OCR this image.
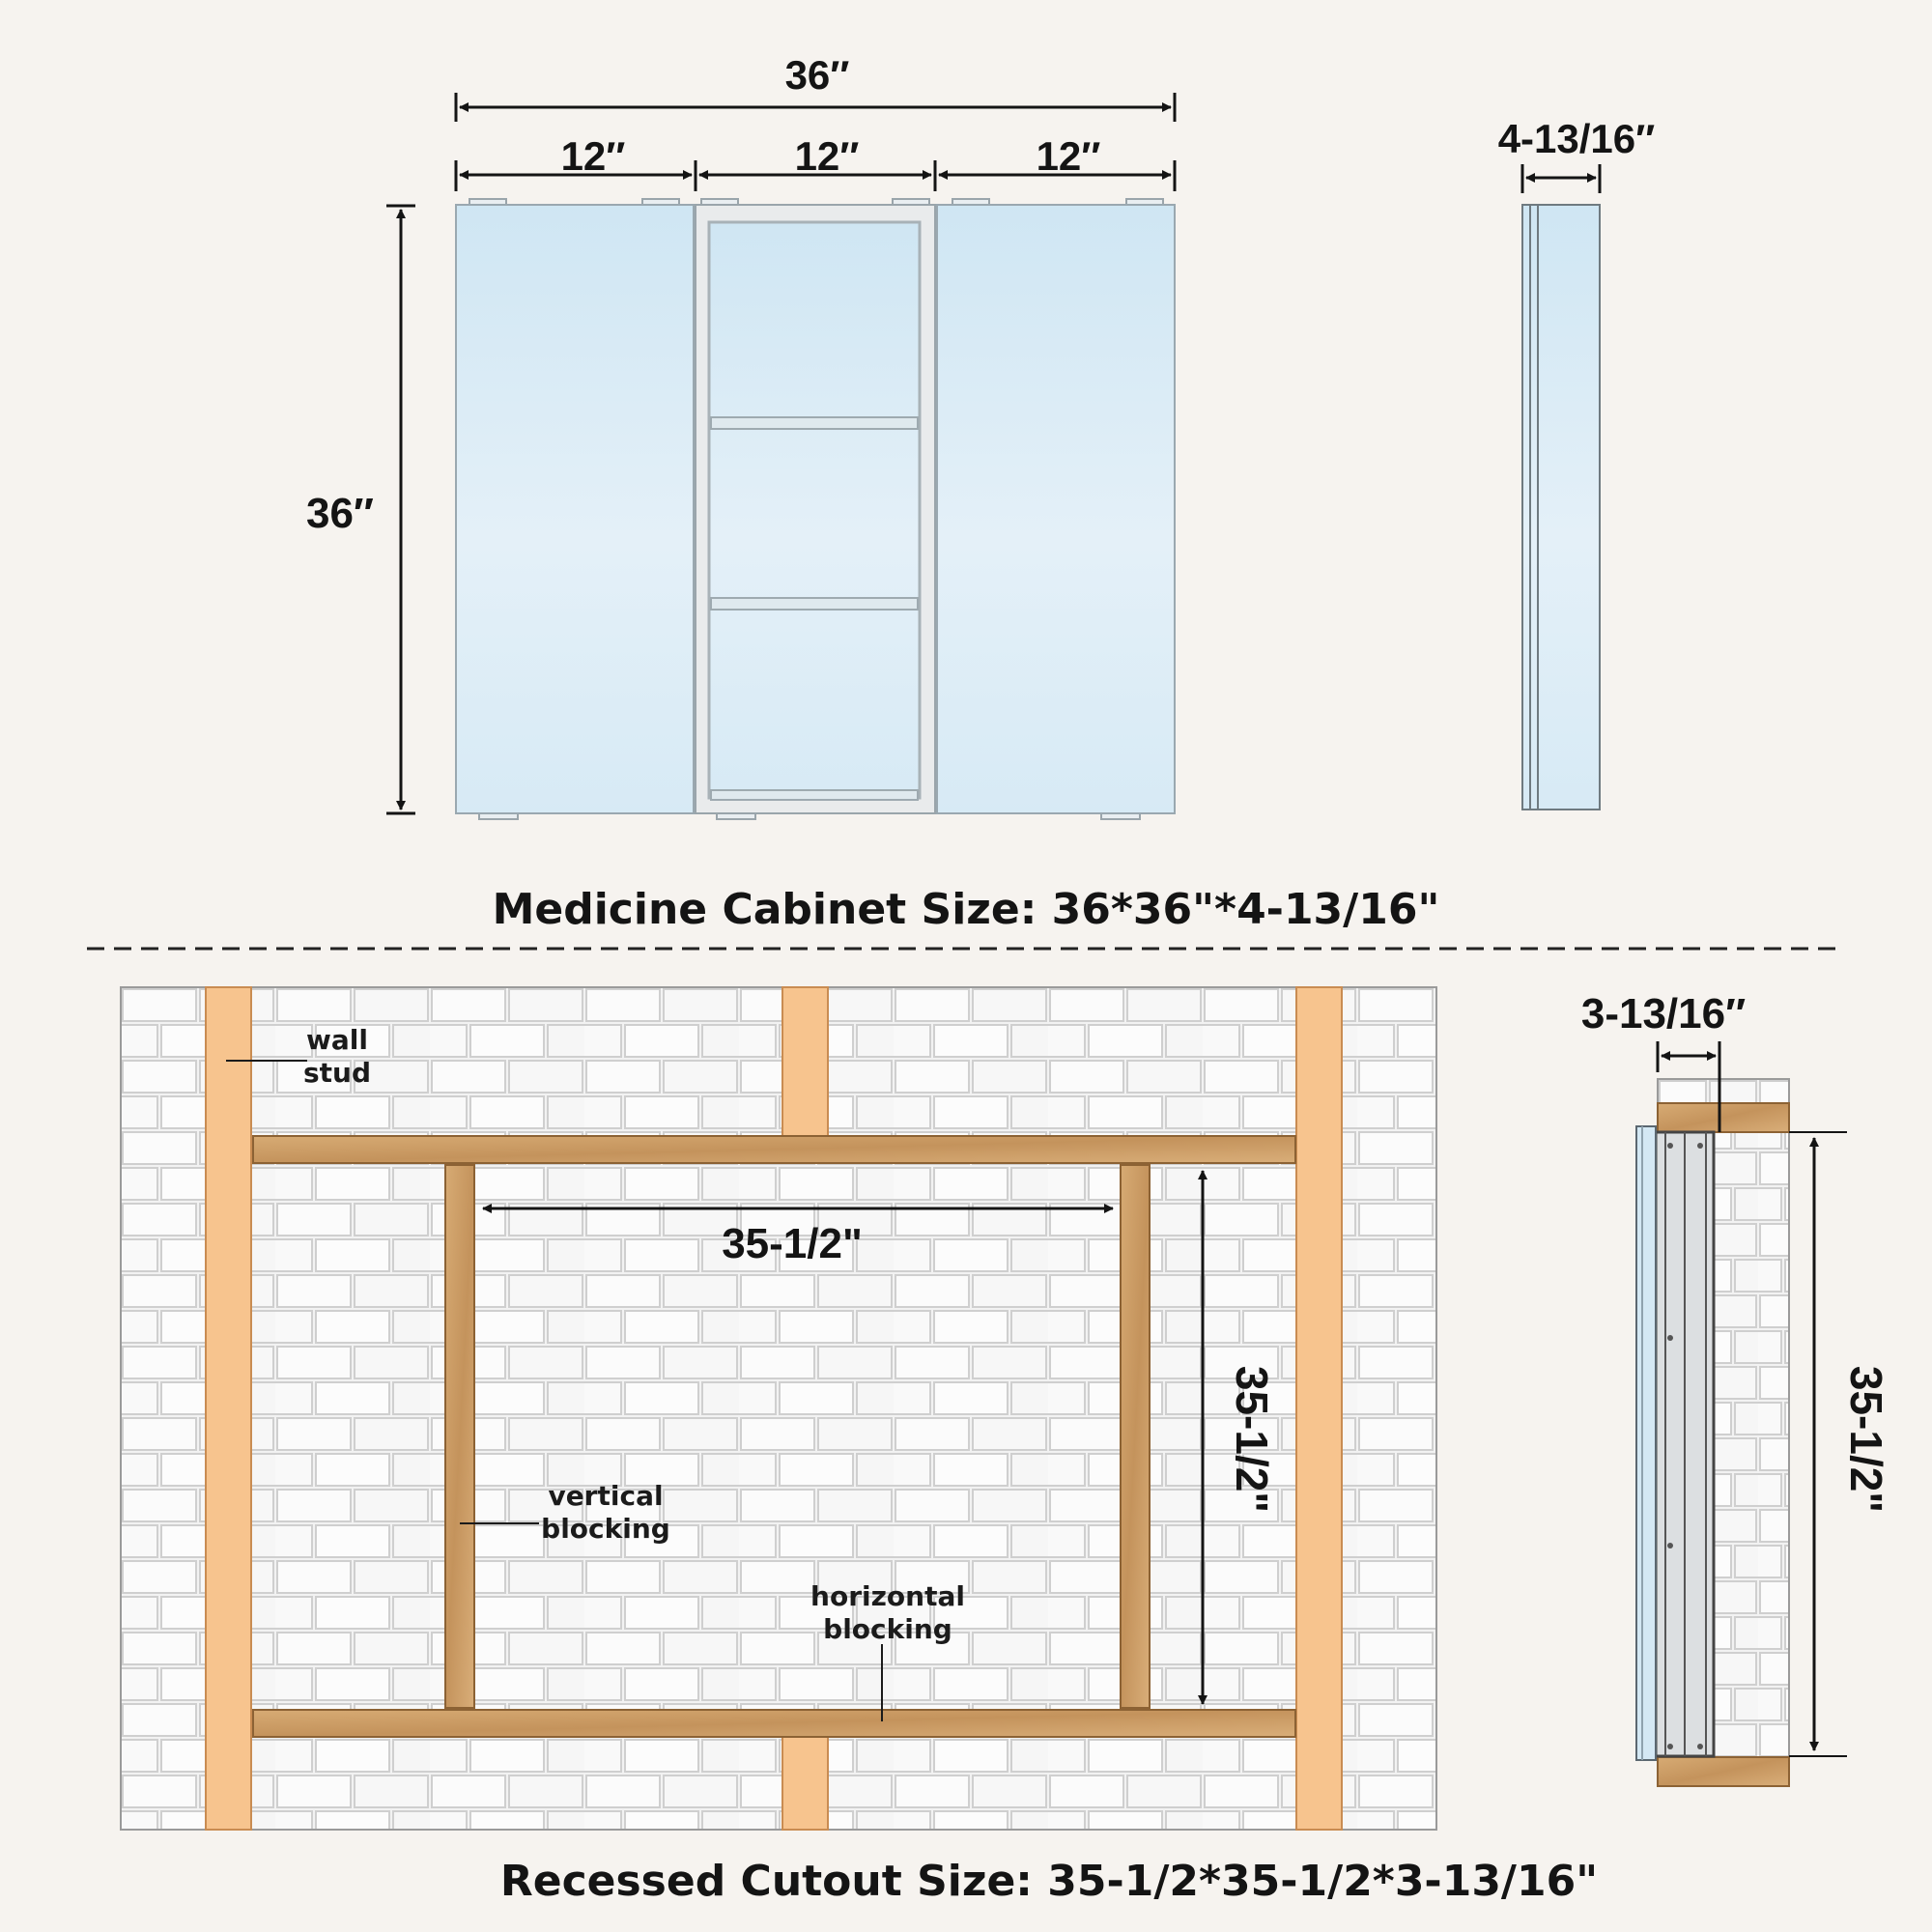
36″
12″	12″	12″
36″
4-13/16″
Medicine Cabinet Size: 36*36"*4-13/16"
35-1/2"
35-1/2"
wall
stud
vertical
blocking
horizontal
blocking
3-13/16″
35-1/2"
Recessed Cutout Size: 35-1/2*35-1/2*3-13/16"
